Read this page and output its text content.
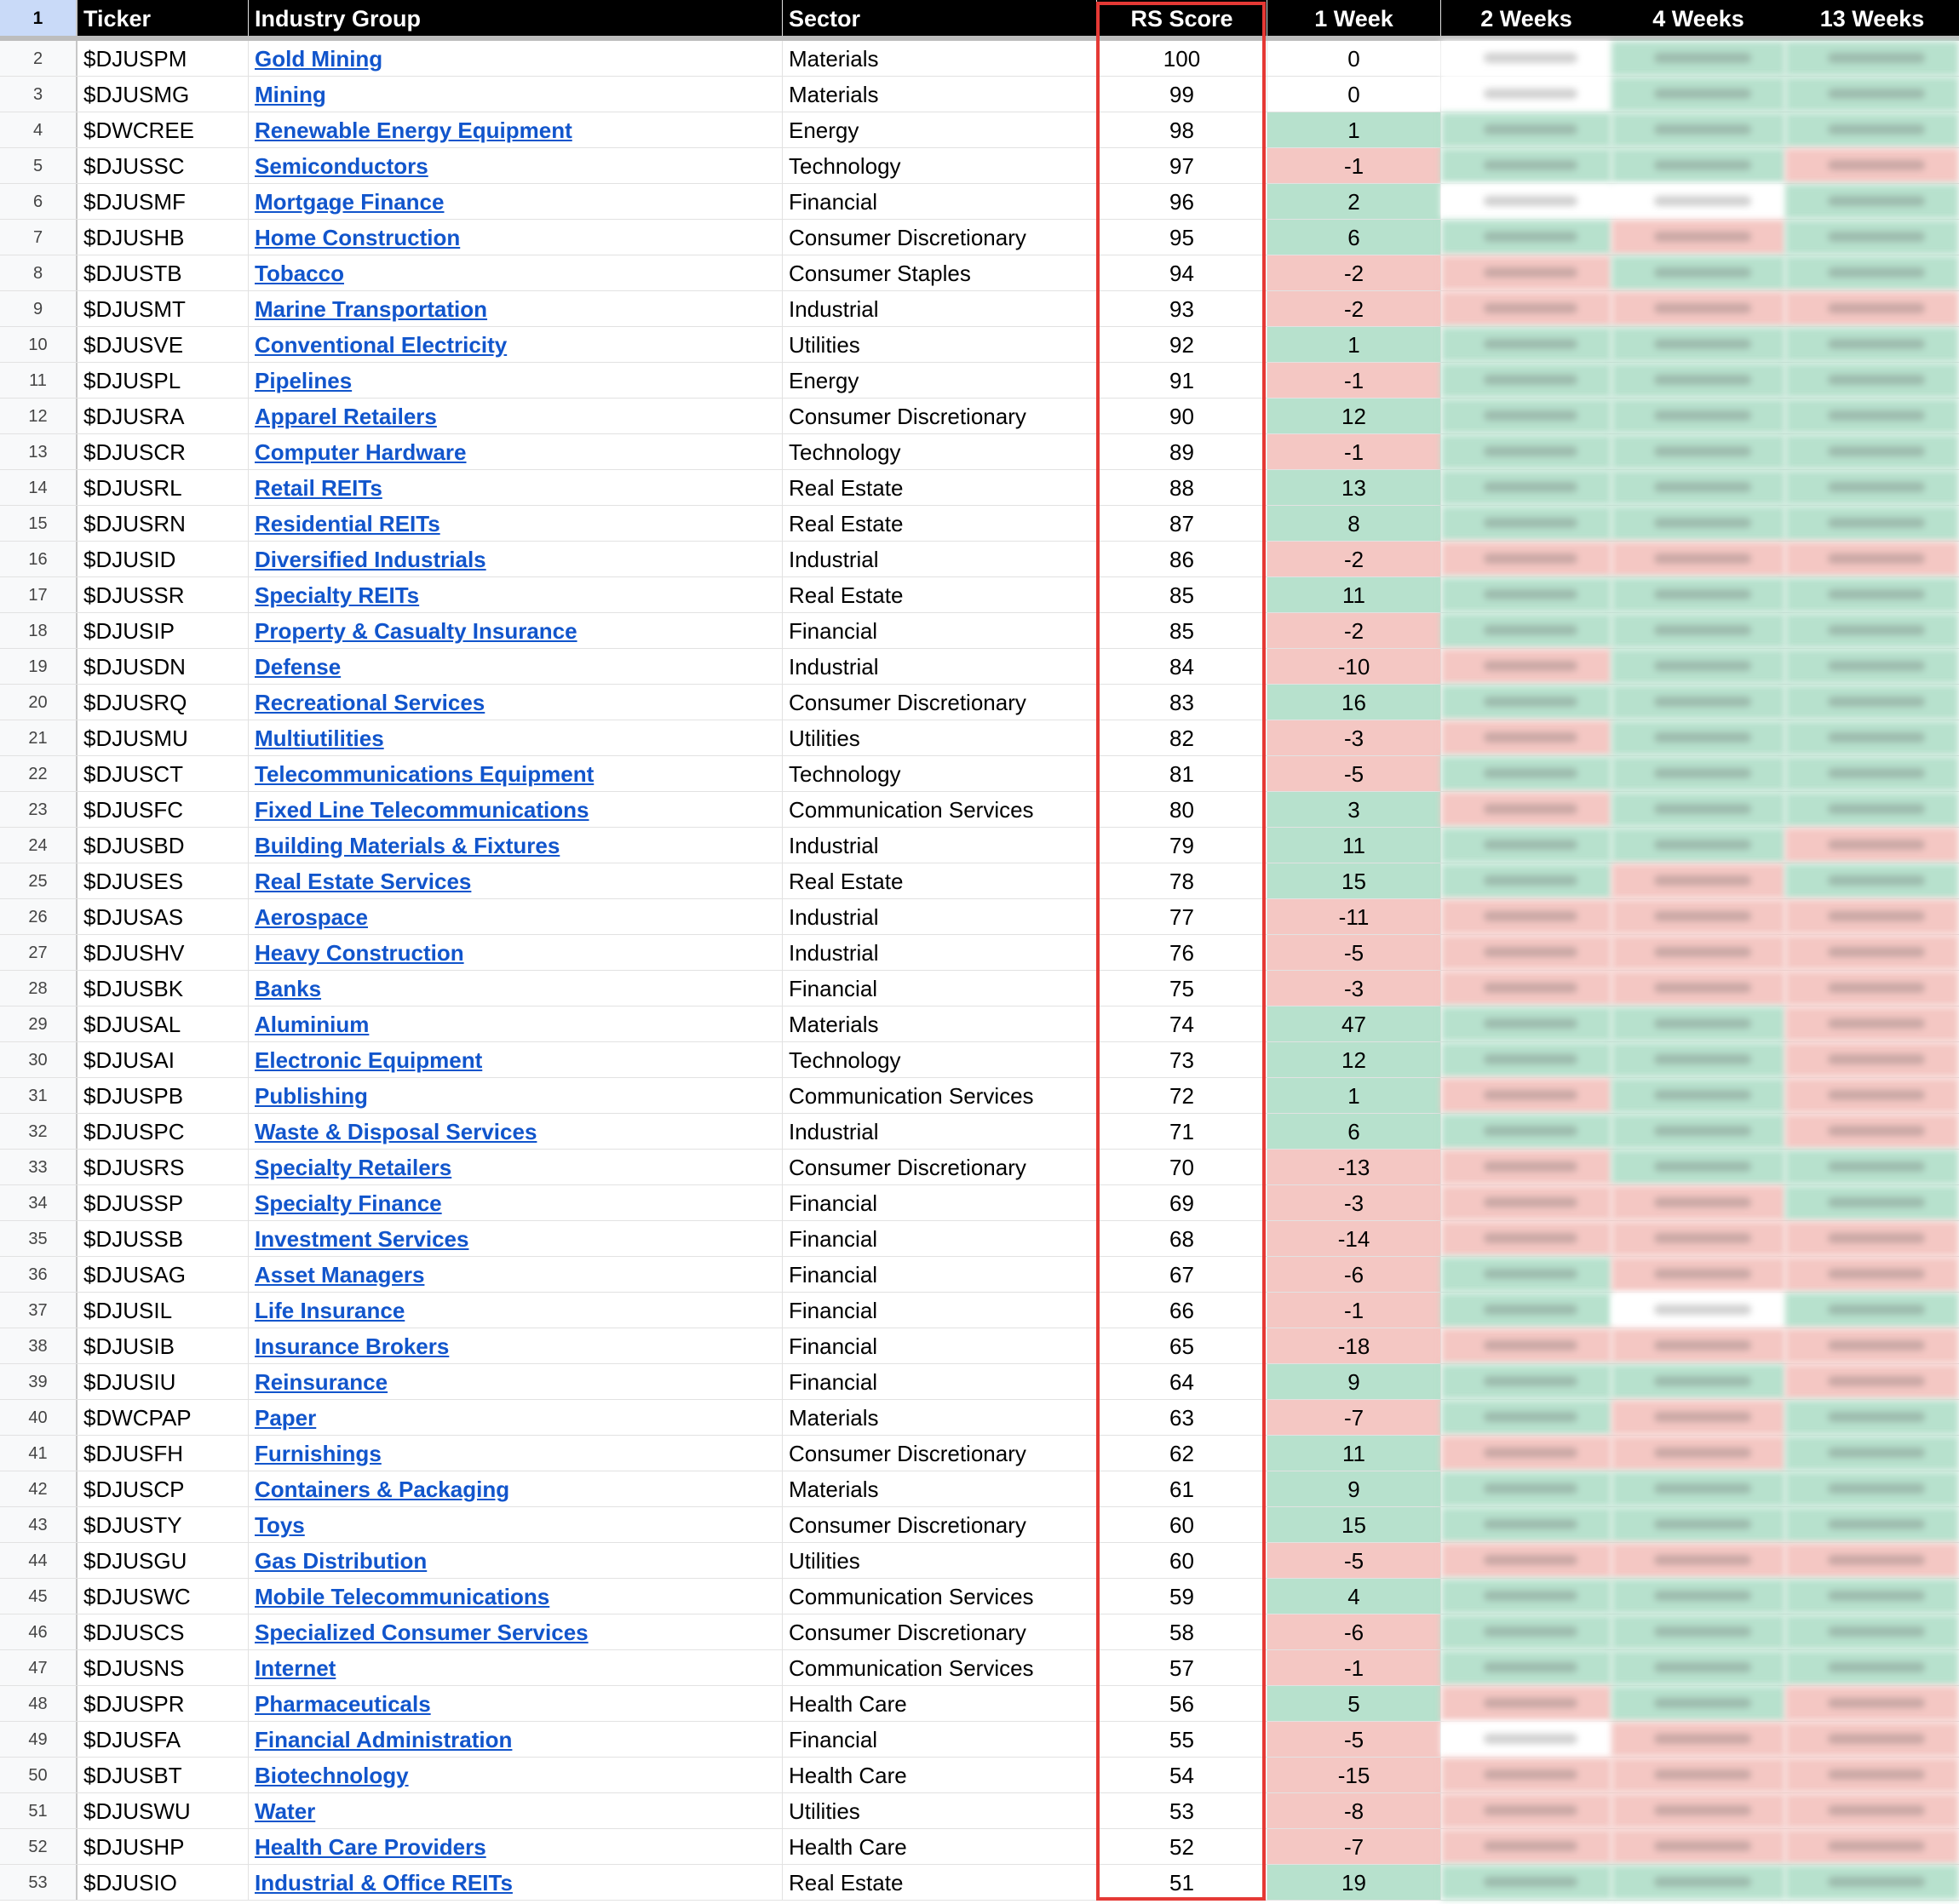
1	Ticker	Industry Group	Sector	RS Score	1 Week	2 Weeks	4 Weeks	13 Weeks
2	$DJUSPM	Gold Mining	Materials	100	0
3	$DJUSMG	Mining	Materials	99	0
4	$DWCREE	Renewable Energy Equipment	Energy	98	1
5	$DJUSSC	Semiconductors	Technology	97	-1
6	$DJUSMF	Mortgage Finance	Financial	96	2
7	$DJUSHB	Home Construction	Consumer Discretionary	95	6
8	$DJUSTB	Tobacco	Consumer Staples	94	-2
9	$DJUSMT	Marine Transportation	Industrial	93	-2
10	$DJUSVE	Conventional Electricity	Utilities	92	1
11	$DJUSPL	Pipelines	Energy	91	-1
12	$DJUSRA	Apparel Retailers	Consumer Discretionary	90	12
13	$DJUSCR	Computer Hardware	Technology	89	-1
14	$DJUSRL	Retail REITs	Real Estate	88	13
15	$DJUSRN	Residential REITs	Real Estate	87	8
16	$DJUSID	Diversified Industrials	Industrial	86	-2
17	$DJUSSR	Specialty REITs	Real Estate	85	11
18	$DJUSIP	Property & Casualty Insurance	Financial	85	-2
19	$DJUSDN	Defense	Industrial	84	-10
20	$DJUSRQ	Recreational Services	Consumer Discretionary	83	16
21	$DJUSMU	Multiutilities	Utilities	82	-3
22	$DJUSCT	Telecommunications Equipment	Technology	81	-5
23	$DJUSFC	Fixed Line Telecommunications	Communication Services	80	3
24	$DJUSBD	Building Materials & Fixtures	Industrial	79	11
25	$DJUSES	Real Estate Services	Real Estate	78	15
26	$DJUSAS	Aerospace	Industrial	77	-11
27	$DJUSHV	Heavy Construction	Industrial	76	-5
28	$DJUSBK	Banks	Financial	75	-3
29	$DJUSAL	Aluminium	Materials	74	47
30	$DJUSAI	Electronic Equipment	Technology	73	12
31	$DJUSPB	Publishing	Communication Services	72	1
32	$DJUSPC	Waste & Disposal Services	Industrial	71	6
33	$DJUSRS	Specialty Retailers	Consumer Discretionary	70	-13
34	$DJUSSP	Specialty Finance	Financial	69	-3
35	$DJUSSB	Investment Services	Financial	68	-14
36	$DJUSAG	Asset Managers	Financial	67	-6
37	$DJUSIL	Life Insurance	Financial	66	-1
38	$DJUSIB	Insurance Brokers	Financial	65	-18
39	$DJUSIU	Reinsurance	Financial	64	9
40	$DWCPAP	Paper	Materials	63	-7
41	$DJUSFH	Furnishings	Consumer Discretionary	62	11
42	$DJUSCP	Containers & Packaging	Materials	61	9
43	$DJUSTY	Toys	Consumer Discretionary	60	15
44	$DJUSGU	Gas Distribution	Utilities	60	-5
45	$DJUSWC	Mobile Telecommunications	Communication Services	59	4
46	$DJUSCS	Specialized Consumer Services	Consumer Discretionary	58	-6
47	$DJUSNS	Internet	Communication Services	57	-1
48	$DJUSPR	Pharmaceuticals	Health Care	56	5
49	$DJUSFA	Financial Administration	Financial	55	-5
50	$DJUSBT	Biotechnology	Health Care	54	-15
51	$DJUSWU	Water	Utilities	53	-8
52	$DJUSHP	Health Care Providers	Health Care	52	-7
53	$DJUSIO	Industrial & Office REITs	Real Estate	51	19
